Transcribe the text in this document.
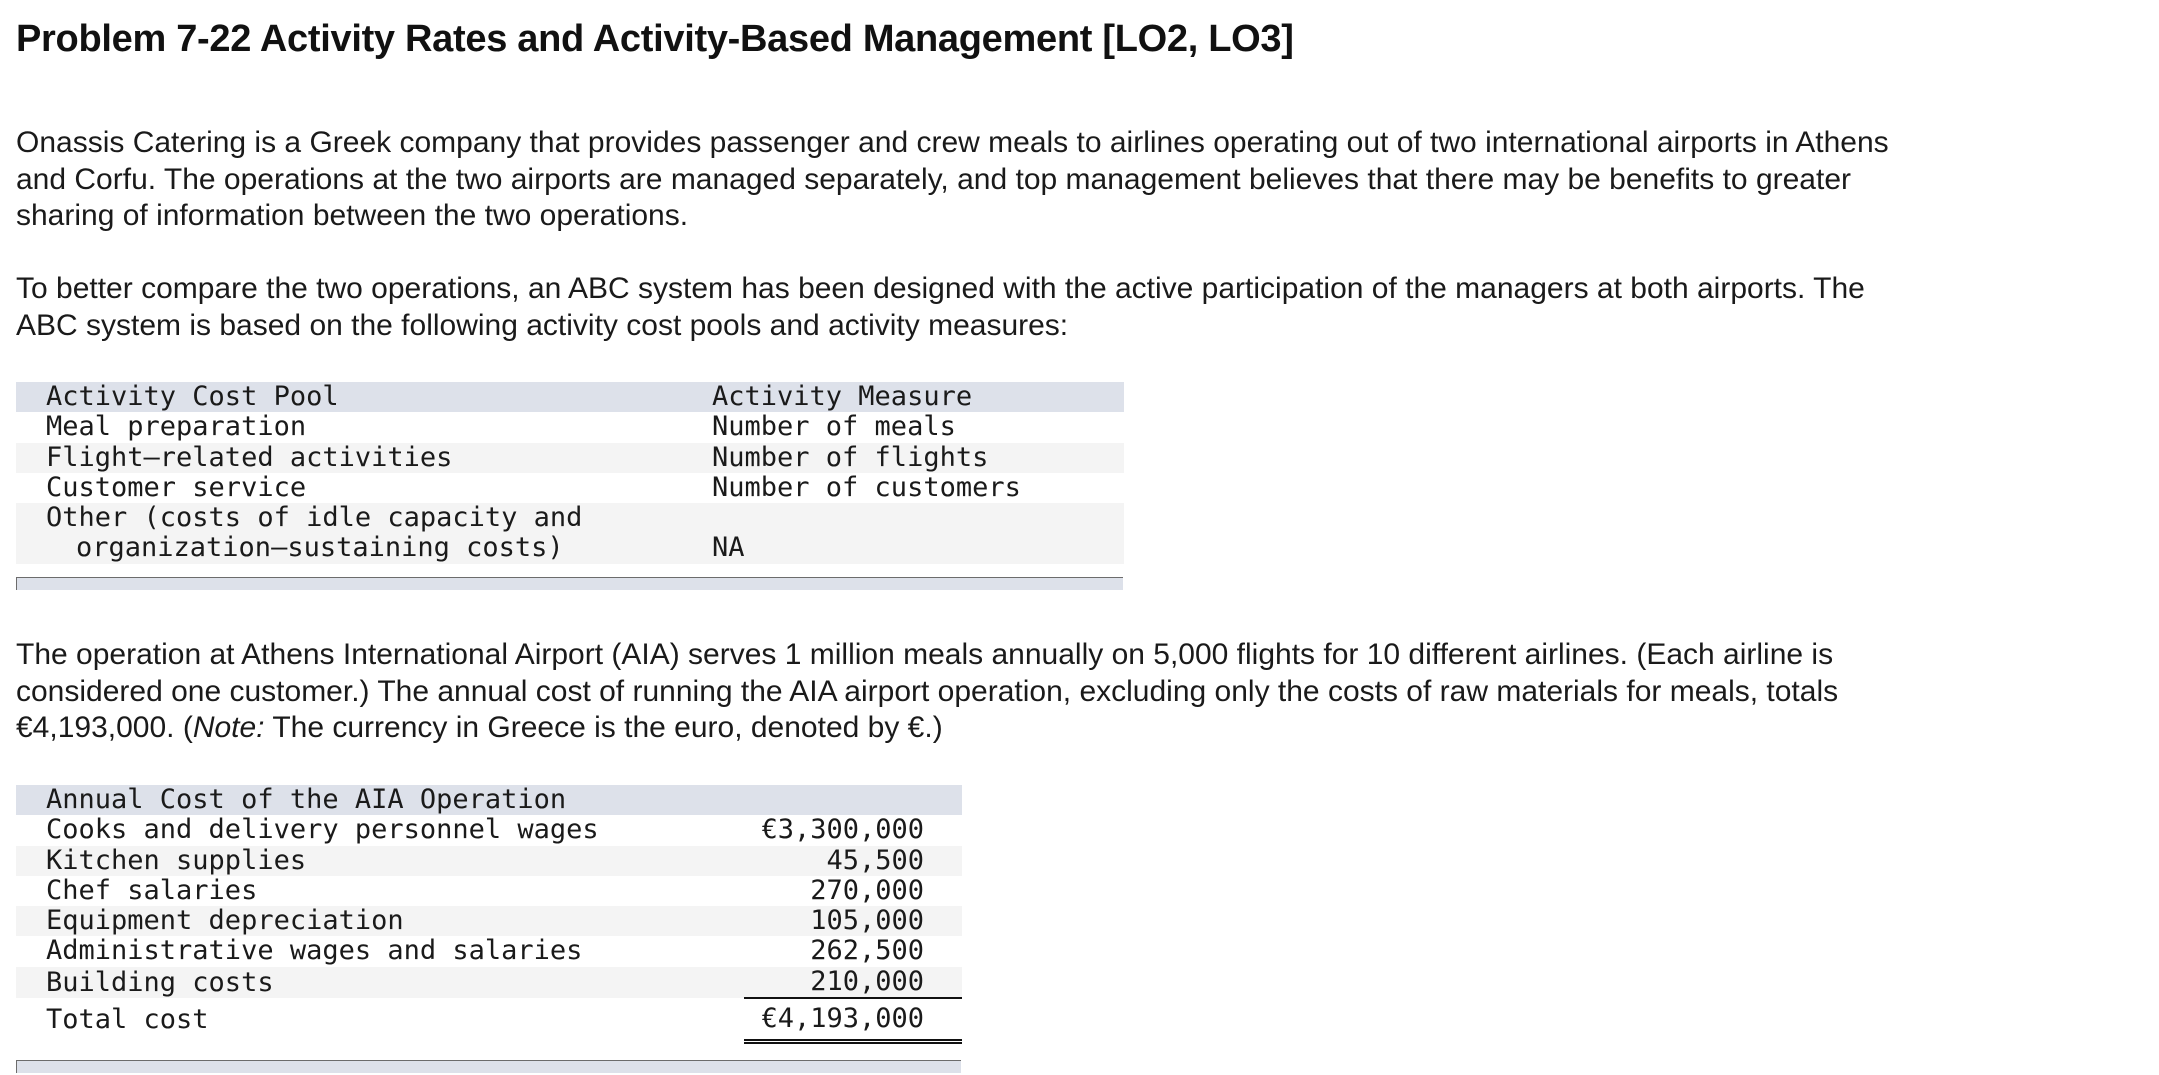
Problem 7-22 Activity Rates and Activity-Based Management [LO2, LO3]

Onassis Catering is a Greek company that provides passenger and crew meals to airlines operating out of two international airports in Athens and Corfu. The operations at the two airports are managed separately, and top management believes that there may be benefits to greater sharing of information between the two operations.

To better compare the two operations, an ABC system has been designed with the active participation of the managers at both airports. The ABC system is based on the following activity cost pools and activity measures:

Activity Cost Pool	Activity Measure
Meal preparation	Number of meals
Flight–related activities	Number of flights
Customer service	Number of customers
Other (costs of idle capacity and
organization–sustaining costs)	NA

The operation at Athens International Airport (AIA) serves 1 million meals annually on 5,000 flights for 10 different airlines. (Each airline is considered one customer.) The annual cost of running the AIA airport operation, excluding only the costs of raw materials for meals, totals €4,193,000. (Note: The currency in Greece is the euro, denoted by €.)

Annual Cost of the AIA Operation	
Cooks and delivery personnel wages	€3,300,000
Kitchen supplies	45,500
Chef salaries	270,000
Equipment depreciation	105,000
Administrative wages and salaries	262,500
Building costs	210,000
Total cost	€4,193,000
